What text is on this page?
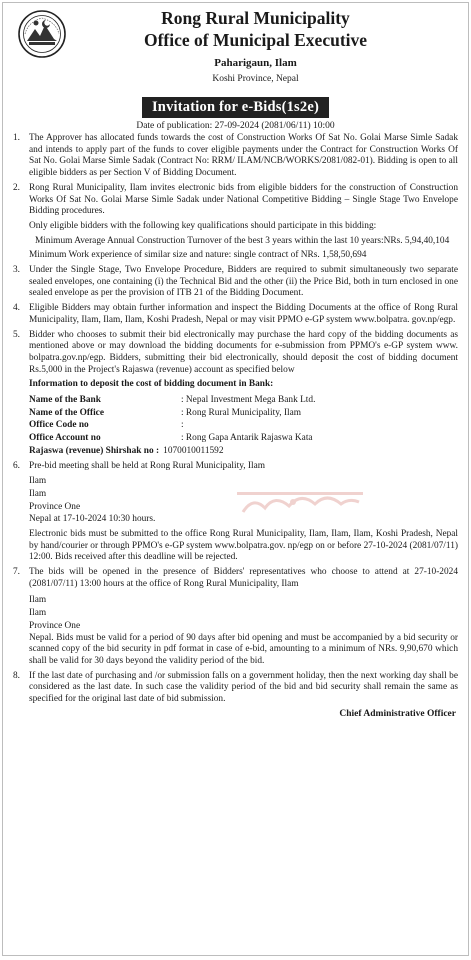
Rong Rural Municipality
Office of Municipal Executive
Paharigaun, Ilam
Koshi Province, Nepal
Invitation for e-Bids(1s2e)
Date of publication: 27-09-2024 (2081/06/11) 10:00
1. The Approver has allocated funds towards the cost of Construction Works Of Sat No. Golai Marse Simle Sadak and intends to apply part of the funds to cover eligible payments under the Contract for Construction Works Of Sat No. Golai Marse Simle Sadak (Contract No: RRM/ ILAM/NCB/WORKS/2081/082-01). Bidding is open to all eligible bidders as per Section V of Bidding Document.
2. Rong Rural Municipality, Ilam invites electronic bids from eligible bidders for the construction of Construction Works Of Sat No. Golai Marse Simle Sadak under National Competitive Bidding – Single Stage Two Envelope Bidding procedures.
Only eligible bidders with the following key qualifications should participate in this bidding:
Minimum Average Annual Construction Turnover of the best 3 years within the last 10 years:NRs. 5,94,40,104
Minimum Work experience of similar size and nature: single contract of NRs. 1,58,50,694
3. Under the Single Stage, Two Envelope Procedure, Bidders are required to submit simultaneously two separate sealed envelopes, one containing (i) the Technical Bid and the other (ii) the Price Bid, both in turn enclosed in one sealed envelope as per the provision of ITB 21 of the Bidding Document.
4. Eligible Bidders may obtain further information and inspect the Bidding Documents at the office of Rong Rural Municipality, Ilam, Ilam, Ilam, Koshi Pradesh, Nepal or may visit PPMO e-GP system www.bolpatra. gov.np/egp.
5. Bidder who chooses to submit their bid electronically may purchase the hard copy of the bidding documents as mentioned above or may download the bidding documents for e-submission from PPMO's e-GP system www. bolpatra.gov.np/egp. Bidders, submitting their bid electronically, should deposit the cost of bidding document Rs.5,000 in the Project's Rajaswa (revenue) account as specified below
Information to deposit the cost of bidding document in Bank:
Name of the Bank	: Nepal Investment Mega Bank Ltd.
Name of the Office	: Rong Rural Municipality, Ilam
Office Code no	:
Office Account no	: Rong Gapa Antarik Rajaswa Kata
Rajaswa (revenue) Shirshak no : 1070010011592
6. Pre-bid meeting shall be held at Rong Rural Municipality, Ilam
Ilam
Ilam
Province One
Nepal at 17-10-2024 10:30 hours.
Electronic bids must be submitted to the office Rong Rural Municipality, Ilam, Ilam, Ilam, Koshi Pradesh, Nepal by hand/courier or through PPMO's e-GP system www.bolpatra.gov. np/egp on or before 27-10-2024 (2081/07/11) 12:00. Bids received after this deadline will be rejected.
7. The bids will be opened in the presence of Bidders' representatives who choose to attend at 27-10-2024 (2081/07/11) 13:00 hours at the office of Rong Rural Municipality, Ilam
Ilam
Ilam
Province One
Nepal. Bids must be valid for a period of 90 days after bid opening and must be accompanied by a bid security or scanned copy of the bid security in pdf format in case of e-bid, amounting to a minimum of NRs. 9,90,670 which shall be valid for 30 days beyond the validity period of the bid.
8. If the last date of purchasing and /or submission falls on a government holiday, then the next working day shall be considered as the last date. In such case the validity period of the bid and bid security shall remain the same as specified for the original last date of bid submission.
Chief Administrative Officer
